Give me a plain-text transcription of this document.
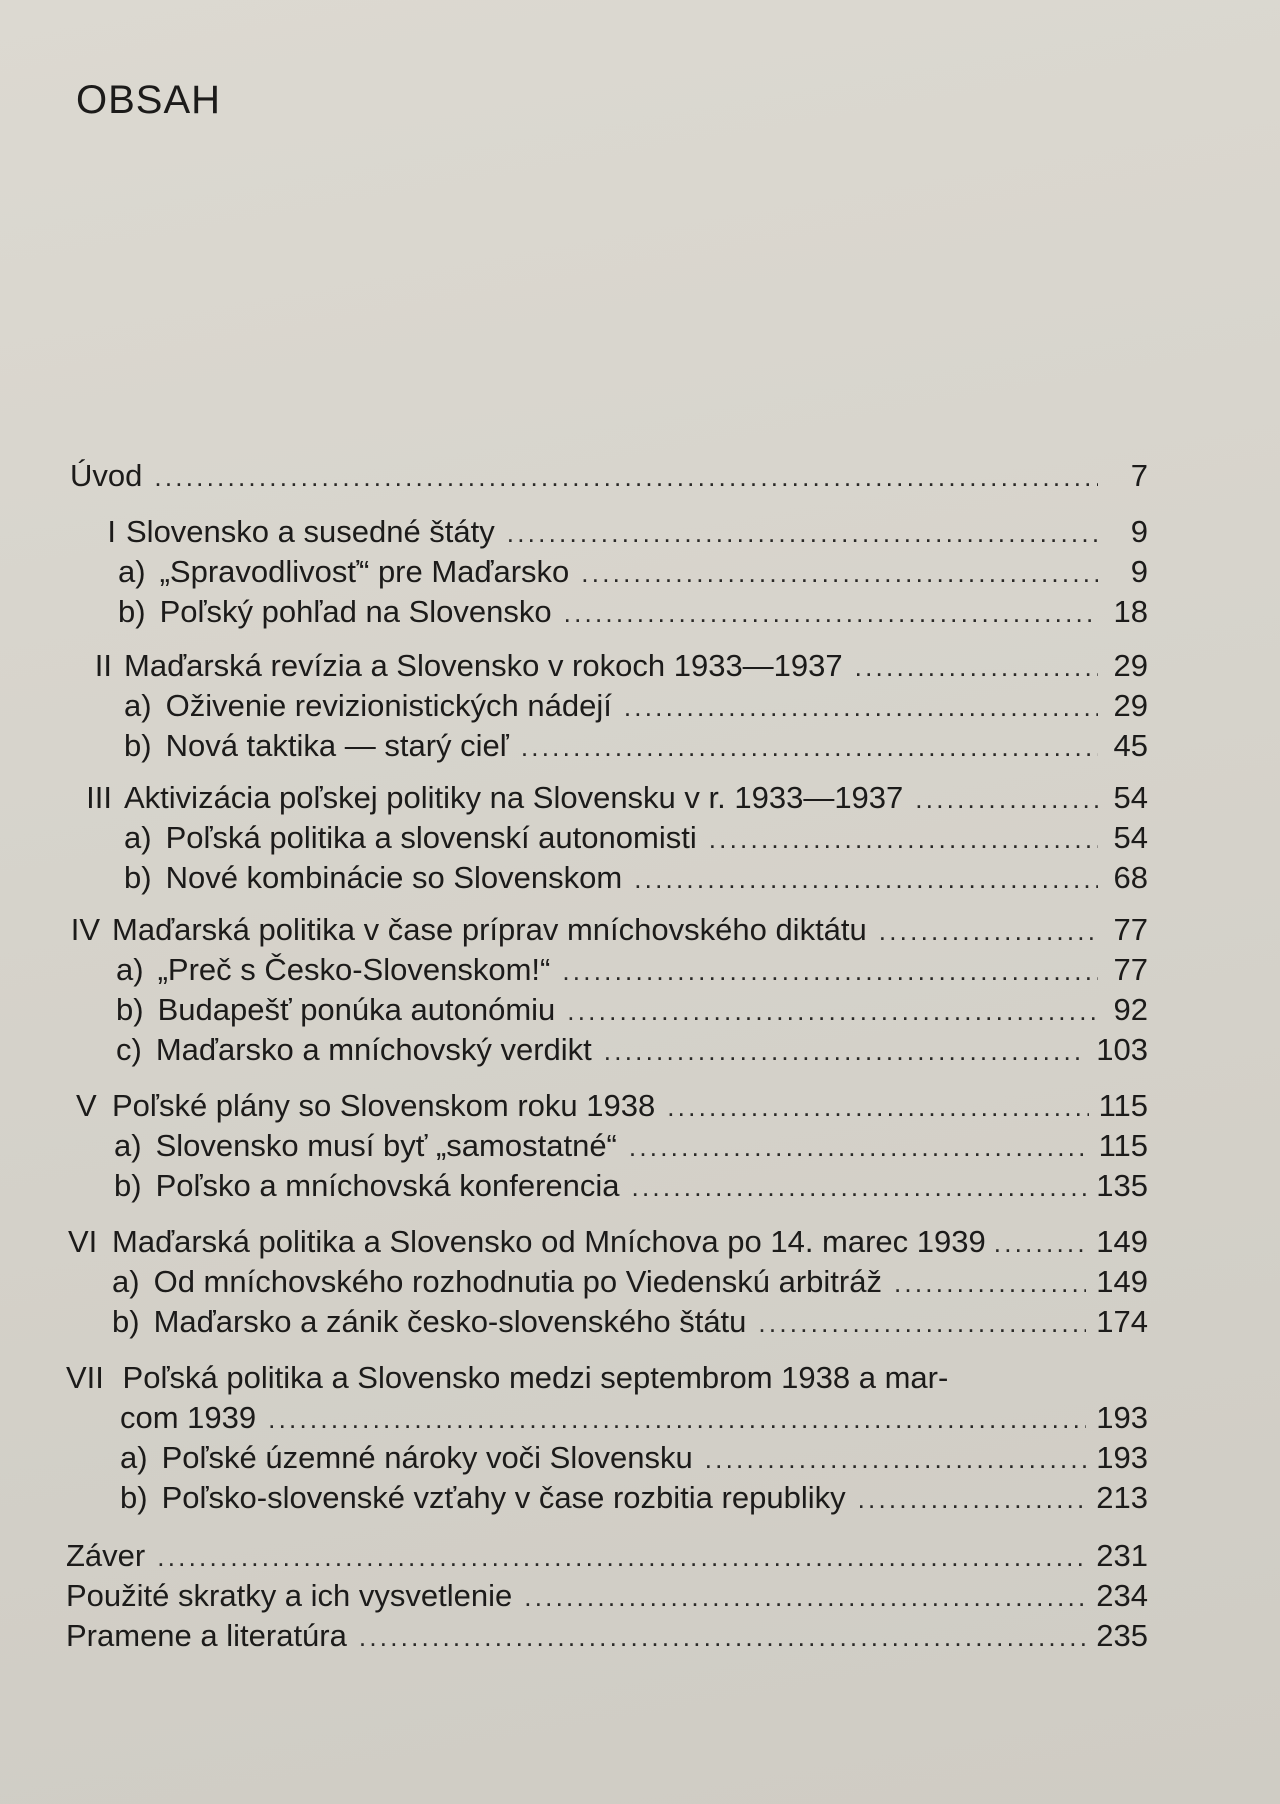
OBSAH
Úvod . . .	7
I Slovensko a susedné štáty . . .	9
a) „Spravodlivosť“ pre Maďarsko . . .	9
b) Poľský pohľad na Slovensko . . .	18
II Maďarská revízia a Slovensko v rokoch 1933—1937 . . .	29
a) Oživenie revizionistických nádejí . . .	29
b) Nová taktika — starý cieľ . . .	45
III Aktivizácia poľskej politiky na Slovensku v r. 1933—1937 . . .	54
a) Poľská politika a slovenskí autonomisti . . .	54
b) Nové kombinácie so Slovenskom . . .	68
IV Maďarská politika v čase príprav mníchovského diktátu . . .	77
a) „Preč s Česko-Slovenskom!“ . . .	77
b) Budapešť ponúka autonómiu . . .	92
c) Maďarsko a mníchovský verdikt . . .	103
V Poľské plány so Slovenskom roku 1938 . . .	115
a) Slovensko musí byť „samostatné“ . . .	115
b) Poľsko a mníchovská konferencia . . .	135
VI Maďarská politika a Slovensko od Mníchova po 14. marec 1939 . . .	149
a) Od mníchovského rozhodnutia po Viedenskú arbitráž . . .	149
b) Maďarsko a zánik česko-slovenského štátu . . .	174
VII Poľská politika a Slovensko medzi septembrom 1938 a mar-
com 1939 . . .	193
a) Poľské územné nároky voči Slovensku . . .	193
b) Poľsko-slovenské vzťahy v čase rozbitia republiky . . .	213
Záver . . .	231
Použité skratky a ich vysvetlenie . . .	234
Pramene a literatúra . . .	235
